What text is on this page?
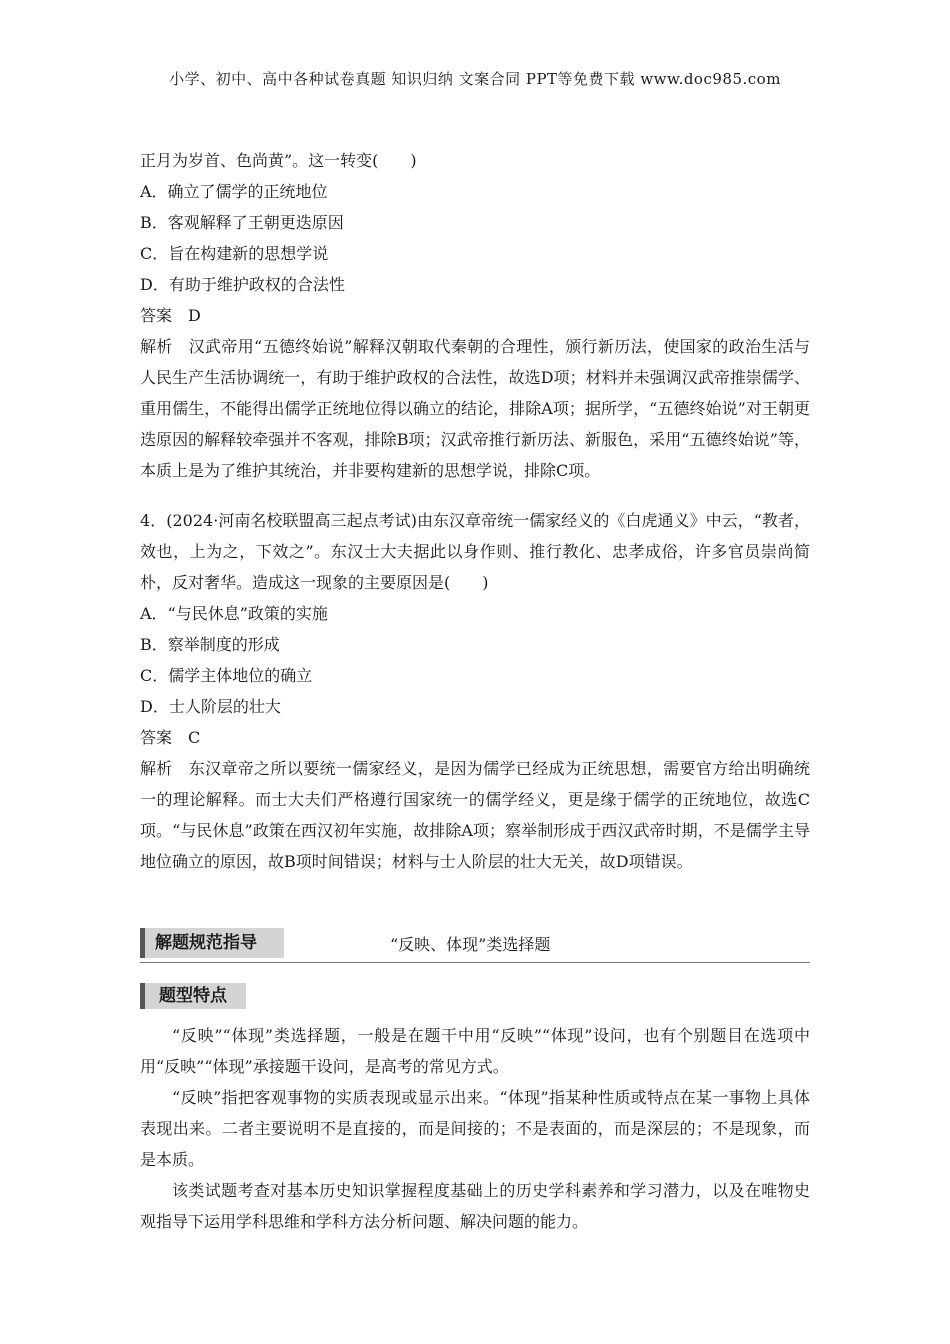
小学、初中、高中各种试卷真题 知识归纳 文案合同 PPT等免费下载 www.doc985.com
正月为岁首、色尚黄”。这一转变(　　)
A．确立了儒学的正统地位
B．客观解释了王朝更迭原因
C．旨在构建新的思想学说
D．有助于维护政权的合法性
答案 D
解析 汉武帝用“五德终始说”解释汉朝取代秦朝的合理性，颁行新历法，使国家的政治生活与人民生产生活协调统一，有助于维护政权的合法性，故选D项；材料并未强调汉武帝推崇儒学、重用儒生，不能得出儒学正统地位得以确立的结论，排除A项；据所学，“五德终始说”对王朝更迭原因的解释较牵强并不客观，排除B项；汉武帝推行新历法、新服色，采用“五德终始说”等，本质上是为了维护其统治，并非要构建新的思想学说，排除C项。
4．(2024·河南名校联盟高三起点考试)由东汉章帝统一儒家经义的《白虎通义》中云，“教者，效也，上为之，下效之”。东汉士大夫据此以身作则、推行教化、忠孝成俗，许多官员崇尚简朴，反对奢华。造成这一现象的主要原因是(　　)
A．“与民休息”政策的实施
B．察举制度的形成
C．儒学主体地位的确立
D．士人阶层的壮大
答案 C
解析 东汉章帝之所以要统一儒家经义，是因为儒学已经成为正统思想，需要官方给出明确统一的理论解释。而士大夫们严格遵行国家统一的儒学经义，更是缘于儒学的正统地位，故选C项。“与民休息”政策在西汉初年实施，故排除A项；察举制形成于西汉武帝时期，不是儒学主导地位确立的原因，故B项时间错误；材料与士人阶层的壮大无关，故D项错误。
解题规范指导	“反映、体现”类选择题
题型特点
“反映”“体现”类选择题，一般是在题干中用“反映”“体现”设问，也有个别题目在选项中用“反映”“体现”承接题干设问，是高考的常见方式。
“反映”指把客观事物的实质表现或显示出来。“体现”指某种性质或特点在某一事物上具体表现出来。二者主要说明不是直接的，而是间接的；不是表面的，而是深层的；不是现象，而是本质。
该类试题考查对基本历史知识掌握程度基础上的历史学科素养和学习潜力，以及在唯物史观指导下运用学科思维和学科方法分析问题、解决问题的能力。
